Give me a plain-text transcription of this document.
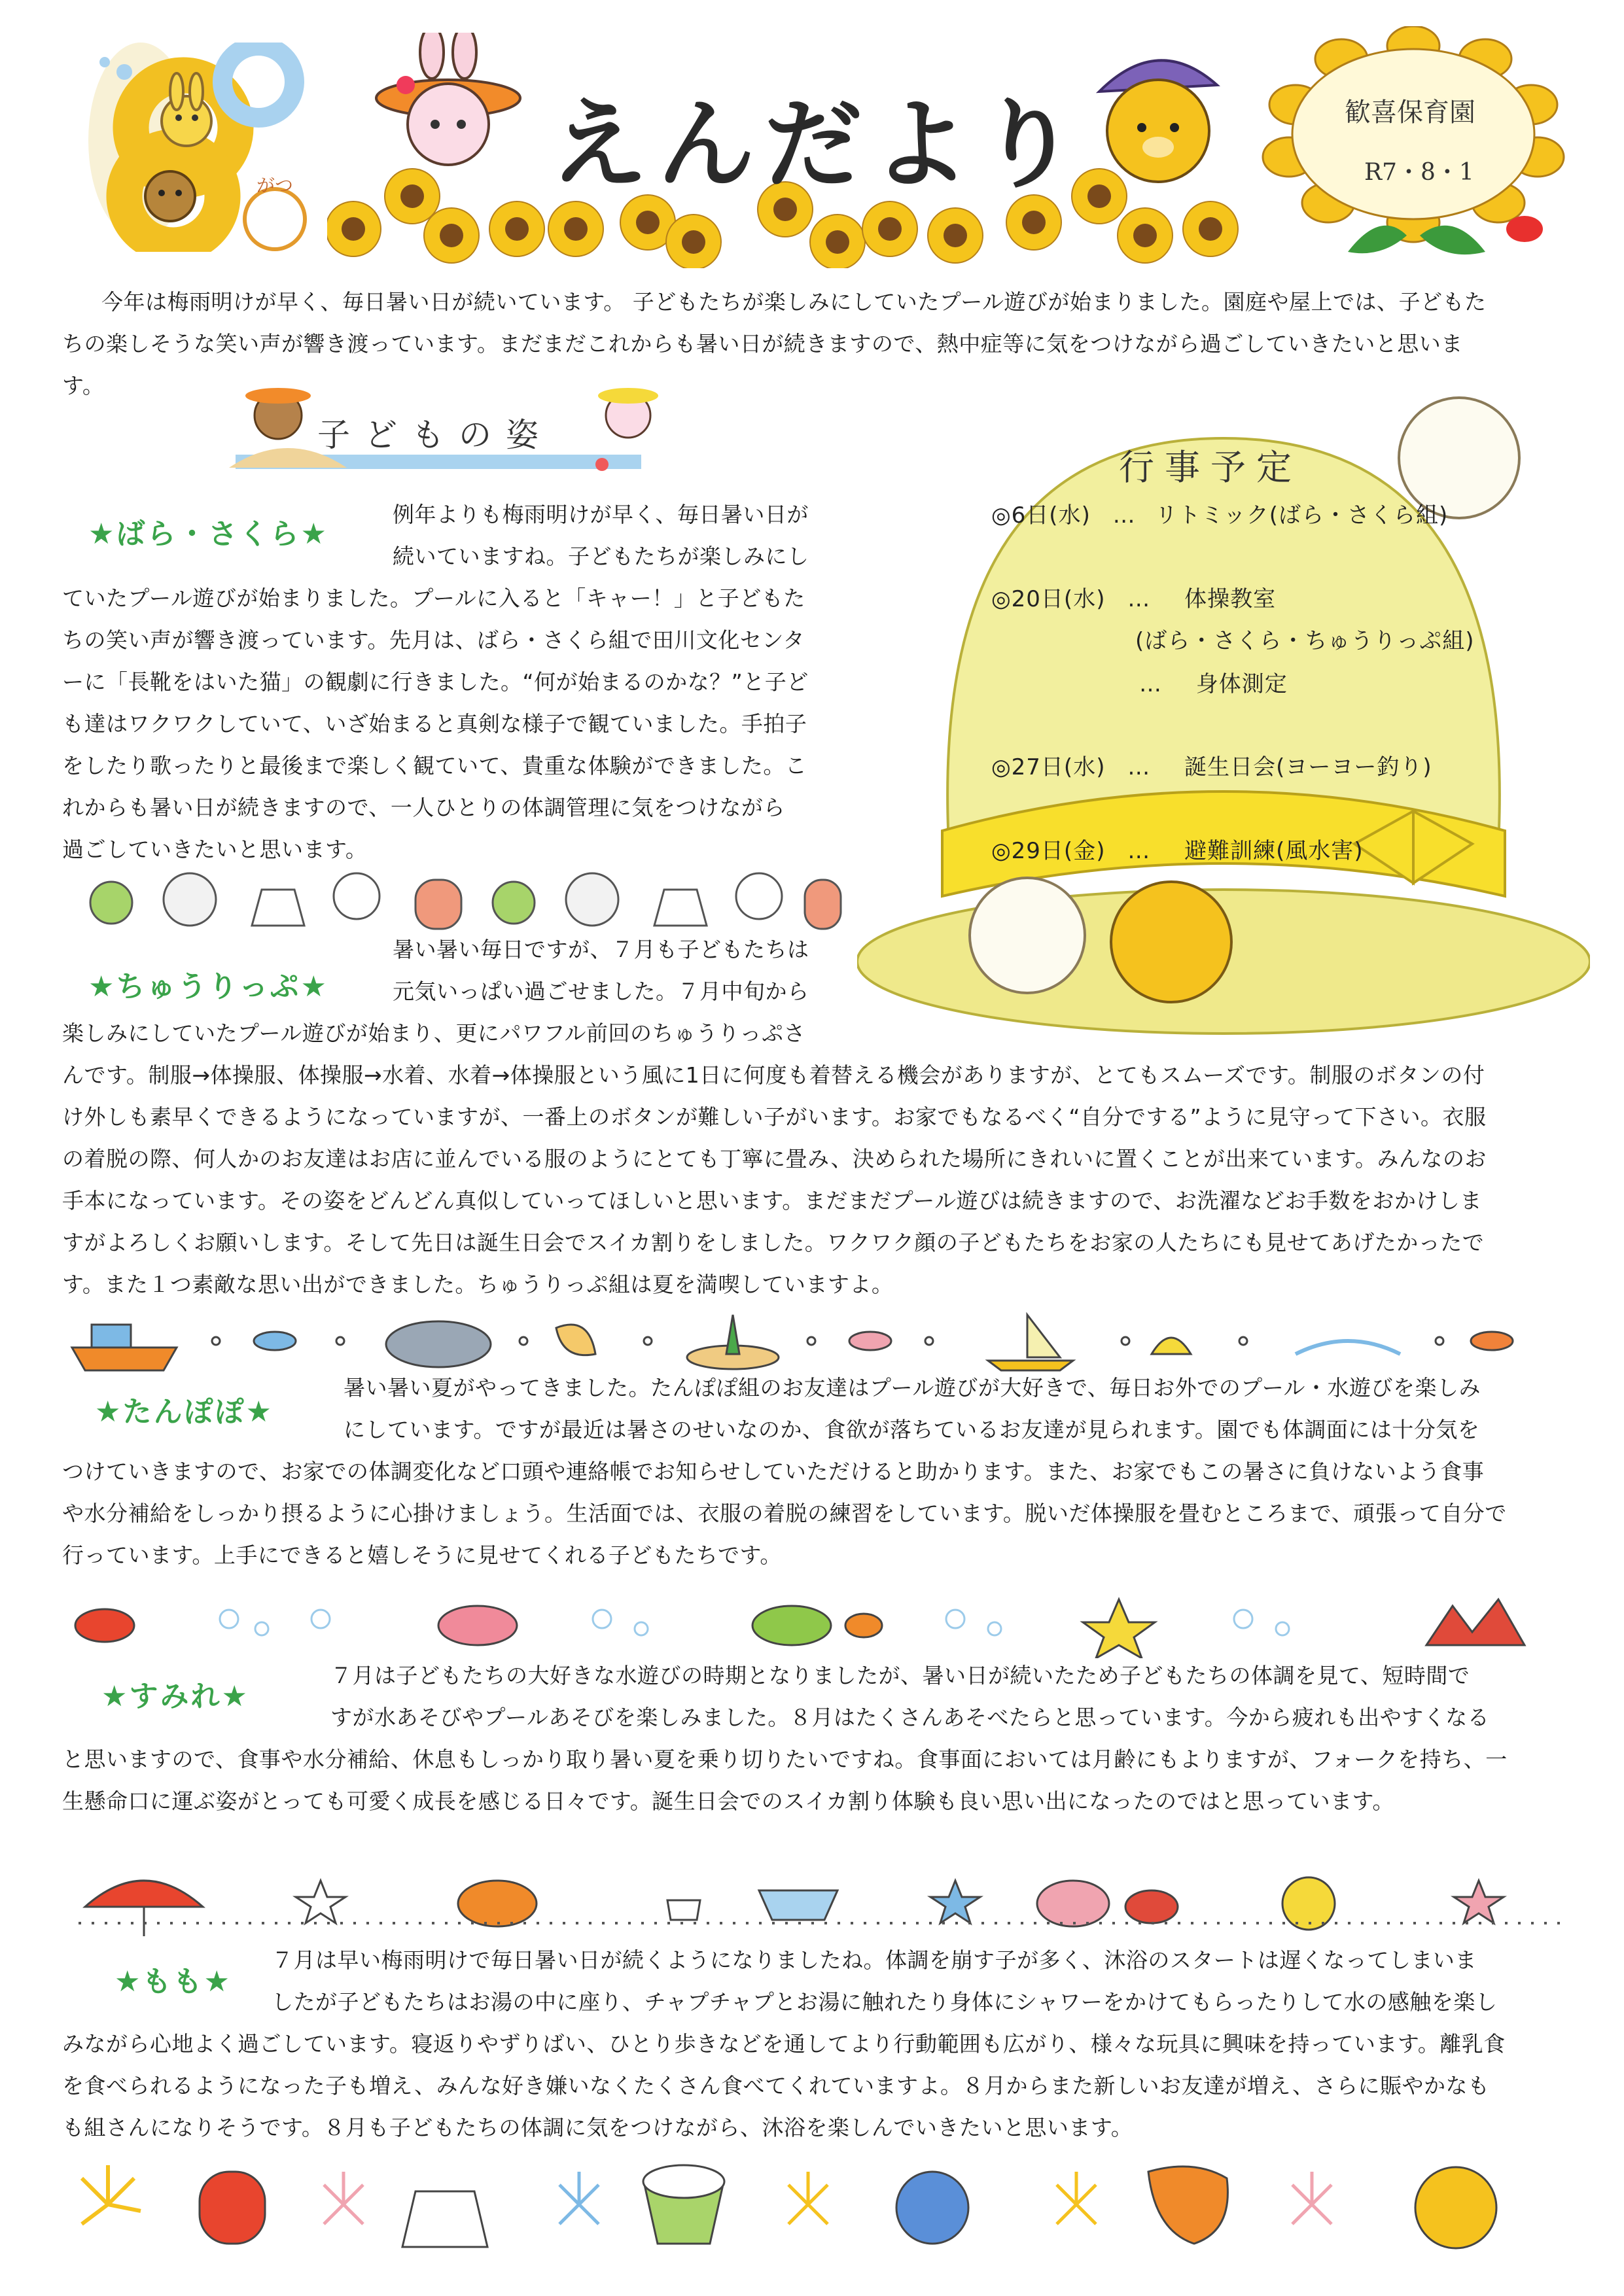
がつ	えんだより	歓喜保育園
R7・8・1
今年は梅雨明けが早く、毎日暑い日が続いています。 子どもたちが楽しみにしていたプール遊びが始まりました。園庭や屋上では、子どもた
ちの楽しそうな笑い声が響き渡っています。まだまだこれからも暑い日が続きますので、熱中症等に気をつけながら過ごしていきたいと思いま
す。
子どもの姿
行事予定
◎6日(水) … リトミック(ばら・さくら組)
◎20日(水) … 体操教室
(ばら・さくら・ちゅうりっぷ組)
… 身体測定
◎27日(水) … 誕生日会(ヨーヨー釣り)
◎29日(金) … 避難訓練(風水害)
★ばら・さくら★
例年よりも梅雨明けが早く、毎日暑い日が
続いていますね。子どもたちが楽しみにし
ていたプール遊びが始まりました。プールに入ると「キャー！」と子どもた
ちの笑い声が響き渡っています。先月は、ばら・さくら組で田川文化センタ
ーに「長靴をはいた猫」の観劇に行きました。“何が始まるのかな？”と子ど
も達はワクワクしていて、いざ始まると真剣な様子で観ていました。手拍子
をしたり歌ったりと最後まで楽しく観ていて、貴重な体験ができました。こ
れからも暑い日が続きますので、一人ひとりの体調管理に気をつけながら
過ごしていきたいと思います。
★ちゅうりっぷ★
暑い暑い毎日ですが、７月も子どもたちは
元気いっぱい過ごせました。７月中旬から
楽しみにしていたプール遊びが始まり、更にパワフル前回のちゅうりっぷさ
んです。制服→体操服、体操服→水着、水着→体操服という風に1日に何度も着替える機会がありますが、とてもスムーズです。制服のボタンの付
け外しも素早くできるようになっていますが、一番上のボタンが難しい子がいます。お家でもなるべく“自分でする”ように見守って下さい。衣服
の着脱の際、何人かのお友達はお店に並んでいる服のようにとても丁寧に畳み、決められた場所にきれいに置くことが出来ています。みんなのお
手本になっています。その姿をどんどん真似していってほしいと思います。まだまだプール遊びは続きますので、お洗濯などお手数をおかけしま
すがよろしくお願いします。そして先日は誕生日会でスイカ割りをしました。ワクワク顔の子どもたちをお家の人たちにも見せてあげたかったで
す。また１つ素敵な思い出ができました。ちゅうりっぷ組は夏を満喫していますよ。
★たんぽぽ★
暑い暑い夏がやってきました。たんぽぽ組のお友達はプール遊びが大好きで、毎日お外でのプール・水遊びを楽しみ
にしています。ですが最近は暑さのせいなのか、食欲が落ちているお友達が見られます。園でも体調面には十分気を
つけていきますので、お家での体調変化など口頭や連絡帳でお知らせしていただけると助かります。また、お家でもこの暑さに負けないよう食事
や水分補給をしっかり摂るように心掛けましょう。生活面では、衣服の着脱の練習をしています。脱いだ体操服を畳むところまで、頑張って自分で
行っています。上手にできると嬉しそうに見せてくれる子どもたちです。
★すみれ★
７月は子どもたちの大好きな水遊びの時期となりましたが、暑い日が続いたため子どもたちの体調を見て、短時間で
すが水あそびやプールあそびを楽しみました。８月はたくさんあそべたらと思っています。今から疲れも出やすくなる
と思いますので、食事や水分補給、休息もしっかり取り暑い夏を乗り切りたいですね。食事面においては月齢にもよりますが、フォークを持ち、一
生懸命口に運ぶ姿がとっても可愛く成長を感じる日々です。誕生日会でのスイカ割り体験も良い思い出になったのではと思っています。
★もも★
７月は早い梅雨明けで毎日暑い日が続くようになりましたね。体調を崩す子が多く、沐浴のスタートは遅くなってしまいま
したが子どもたちはお湯の中に座り、チャプチャプとお湯に触れたり身体にシャワーをかけてもらったりして水の感触を楽し
みながら心地よく過ごしています。寝返りやずりばい、ひとり歩きなどを通してより行動範囲も広がり、様々な玩具に興味を持っています。離乳食
を食べられるようになった子も増え、みんな好き嫌いなくたくさん食べてくれていますよ。８月からまた新しいお友達が増え、さらに賑やかなも
も組さんになりそうです。８月も子どもたちの体調に気をつけながら、沐浴を楽しんでいきたいと思います。
